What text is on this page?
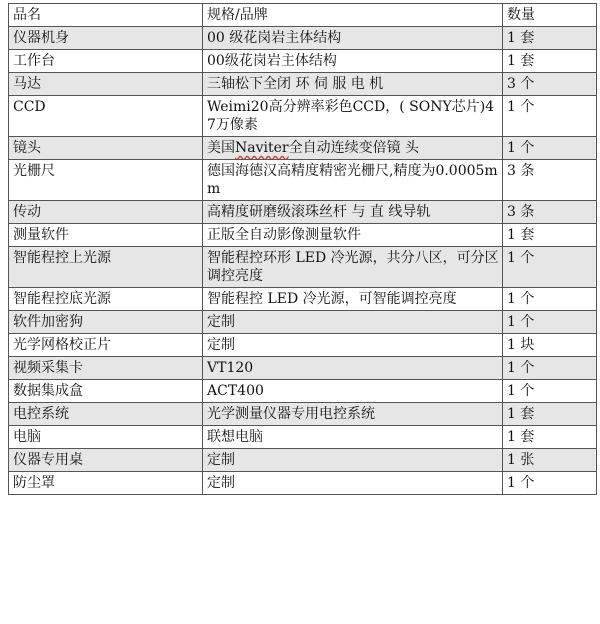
品名	规格/品牌	数量
仪器机身	00 级花岗岩主体结构	1 套
工作台	00级花岗岩主体结构	1 套
马达	三轴松下全闭 环 伺 服 电 机	3 个
CCD	Weimi20高分辨率彩色CCD，( SONY芯片)47万像素	1 个
镜头	美国Naviter全自动连续变倍镜 头	1 个
光栅尺	德国海德汉高精度精密光栅尺,精度为0.0005mm	3 条
传动	高精度研磨级滚珠丝杆 与 直 线导轨	3 条
测量软件	正版全自动影像测量软件	1 套
智能程控上光源	智能程控环形 LED 冷光源，共分八区，可分区调控亮度	1 个
智能程控底光源	智能程控 LED 冷光源，可智能调控亮度	1 个
软件加密狗	定制	1 个
光学网格校正片	定制	1 块
视频采集卡	VT120	1 个
数据集成盒	ACT400	1 个
电控系统	光学测量仪器专用电控系统	1 套
电脑	联想电脑	1 套
仪器专用桌	定制	1 张
防尘罩	定制	1 个
